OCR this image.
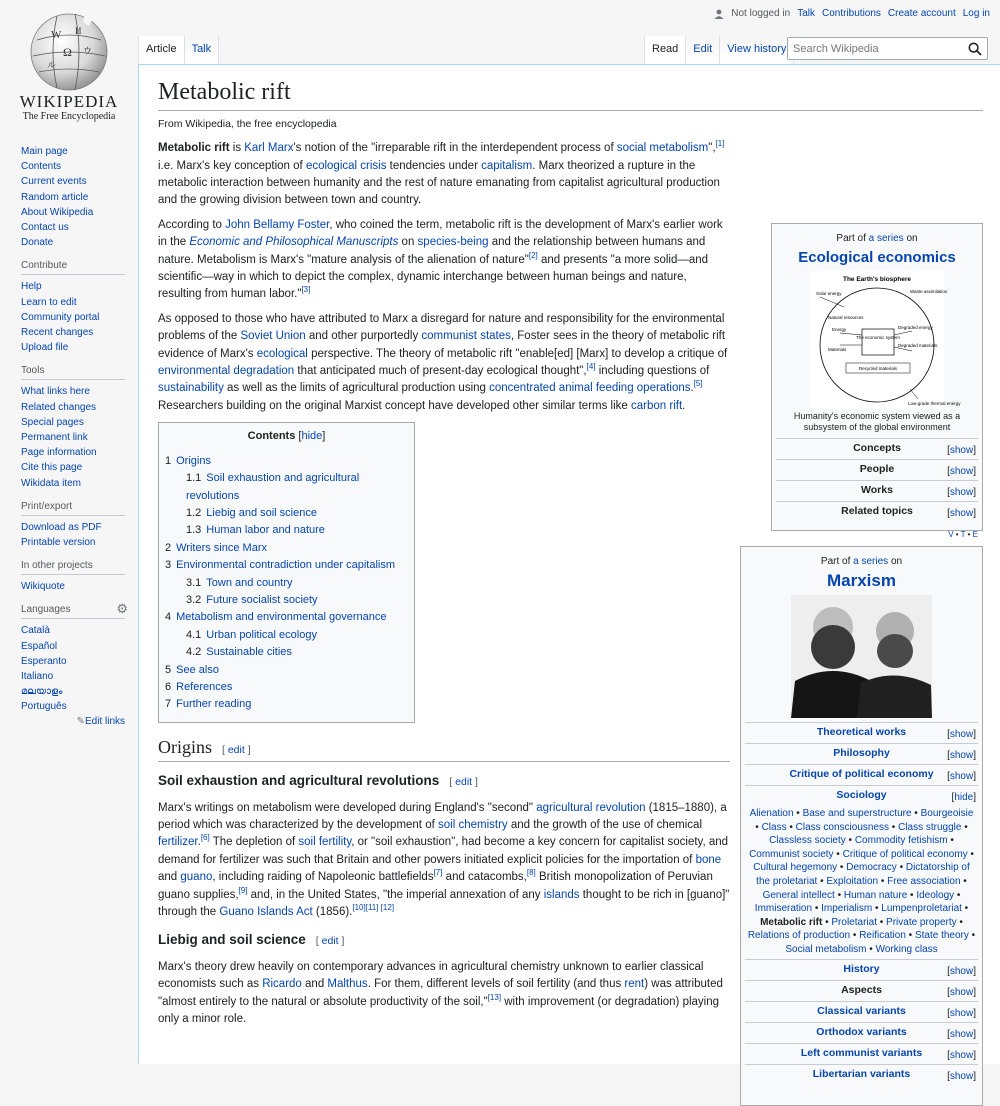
W И
Ω ウ
ル
WIKIPEDIA
The Free Encyclopedia
Main page
Contents
Current events
Random article
About Wikipedia
Contact us
Donate
Contribute
Help
Learn to edit
Community portal
Recent changes
Upload file
Tools
What links here
Related changes
Special pages
Permanent link
Page information
Cite this page
Wikidata item
Print/export
Download as PDF
Printable version
In other projects
Wikiquote
Languages	⚙
Català
Español
Esperanto
Italiano
മലയാളം
Português
✎Edit links
Not logged in Talk Contributions Create account Log in
Article	Talk	Read	Edit	View history
Search Wikipedia
Metabolic rift
From Wikipedia, the free encyclopedia
Part of a series on
Ecological economics
The Earth's biosphere
The economic system
Recycled materials
Solar energy	Waste assimilation
Natural resources
Energy
Materials
Degraded energy
Degraded materials
Low-grade thermal energy
Humanity's economic system viewed as a subsystem of the global environment
Concepts	[show]
People	[show]
Works	[show]
Related topics	[show]
V • T • E
Part of a series on
Marxism
Theoretical works	[show]
Philosophy	[show]
Critique of political economy [show]
Sociology	[hide]
Alienation • Base and superstructure • Bourgeoisie • Class • Class consciousness • Class struggle • Classless society • Commodity fetishism • Communist society • Critique of political economy • Cultural hegemony • Democracy • Dictatorship of the proletariat • Exploitation • Free association • General intellect • Human nature • Ideology • Immiseration • Imperialism • Lumpenproletariat • Metabolic rift • Proletariat • Private property • Relations of production • Reification • State theory • Social metabolism • Working class
History	[show]
Aspects	[show]
Classical variants	[show]
Orthodox variants	[show]
Left communist variants [show]
Libertarian variants	[show]

Metabolic rift is Karl Marx's notion of the "irreparable rift in the interdependent process of social metabolism",[1] i.e. Marx's key conception of ecological crisis tendencies under capitalism. Marx theorized a rupture in the metabolic interaction between humanity and the rest of nature emanating from capitalist agricultural production and the growing division between town and country.

According to John Bellamy Foster, who coined the term, metabolic rift is the development of Marx's earlier work in the Economic and Philosophical Manuscripts on species-being and the relationship between humans and nature. Metabolism is Marx's "mature analysis of the alienation of nature"[2] and presents "a more solid—and scientific—way in which to depict the complex, dynamic interchange between human beings and nature, resulting from human labor."[3]

As opposed to those who have attributed to Marx a disregard for nature and responsibility for the environmental problems of the Soviet Union and other purportedly communist states, Foster sees in the theory of metabolic rift evidence of Marx's ecological perspective. The theory of metabolic rift "enable[ed] [Marx] to develop a critique of environmental degradation that anticipated much of present-day ecological thought",[4] including questions of sustainability as well as the limits of agricultural production using concentrated animal feeding operations.[5] Researchers building on the original Marxist concept have developed other similar terms like carbon rift.

Contents [hide]
1 Origins
1.1 Soil exhaustion and agricultural revolutions
1.2 Liebig and soil science
1.3 Human labor and nature
2 Writers since Marx
3 Environmental contradiction under capitalism
3.1 Town and country
3.2 Future socialist society
4 Metabolism and environmental governance
4.1 Urban political ecology
4.2 Sustainable cities
5 See also
6 References
7 Further reading
Origins [ edit ]
Soil exhaustion and agricultural revolutions [ edit ]

Marx's writings on metabolism were developed during England's "second" agricultural revolution (1815–1880), a period which was characterized by the development of soil chemistry and the growth of the use of chemical fertilizer.[6] The depletion of soil fertility, or "soil exhaustion", had become a key concern for capitalist society, and demand for fertilizer was such that Britain and other powers initiated explicit policies for the importation of bone and guano, including raiding of Napoleonic battlefields[7] and catacombs,[8] British monopolization of Peruvian guano supplies,[9] and, in the United States, "the imperial annexation of any islands thought to be rich in [guano]" through the Guano Islands Act (1856).[10][11] [12]

Liebig and soil science [ edit ]

Marx's theory drew heavily on contemporary advances in agricultural chemistry unknown to earlier classical economists such as Ricardo and Malthus. For them, different levels of soil fertility (and thus rent) was attributed "almost entirely to the natural or absolute productivity of the soil,"[13] with improvement (or degradation) playing only a minor role.
